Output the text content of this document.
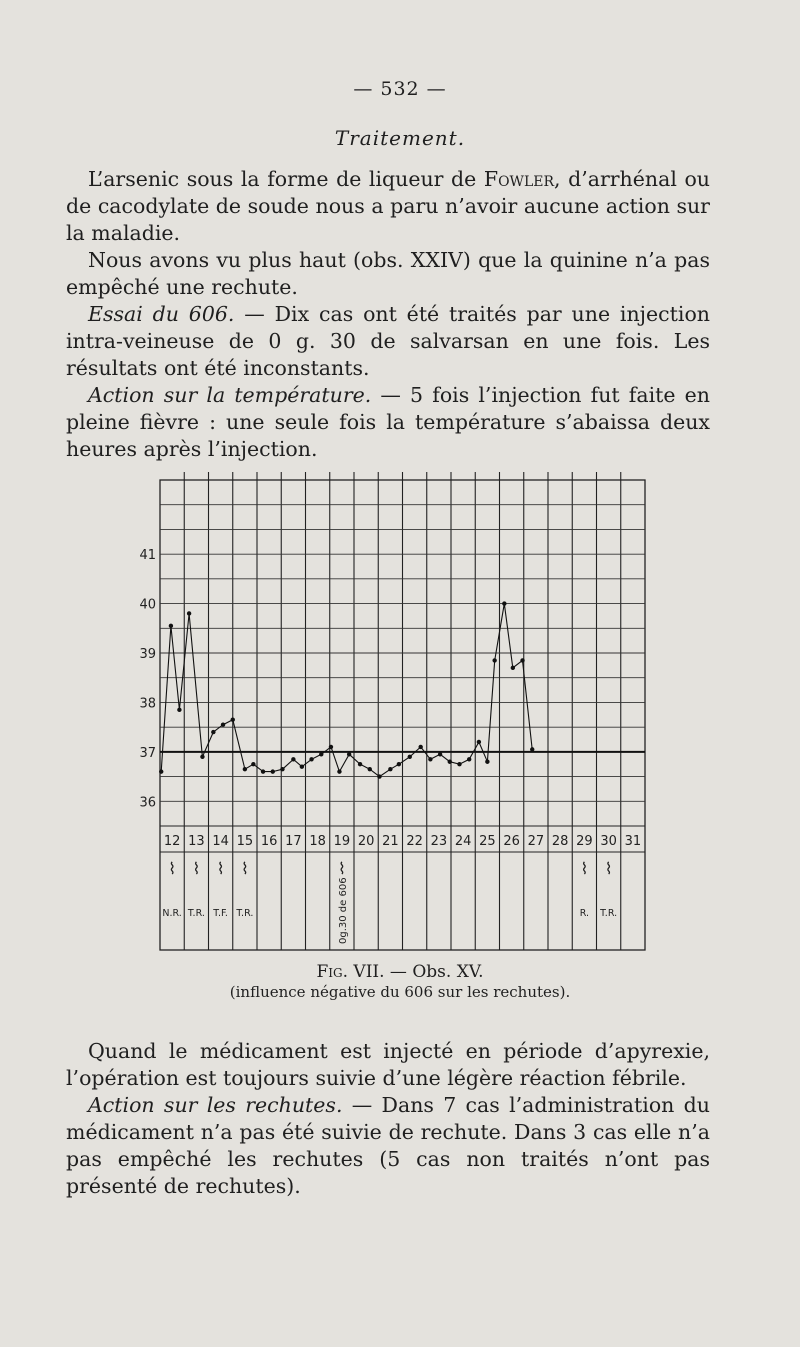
— 532 —
Traitement.

L’arsenic sous la forme de liqueur de Fowler, d’arrhénal ou de cacodylate de soude nous a paru n’avoir aucune action sur la maladie.

Nous avons vu plus haut (obs. XXIV) que la quinine n’a pas empêché une rechute.

Essai du 606. — Dix cas ont été traités par une injection intra-veineuse de 0 g. 30 de salvarsan en une fois. Les résultats ont été inconstants.

Action sur la température. — 5 fois l’injection fut faite en pleine fièvre : une seule fois la température s’abaissa deux heures après l’injection.

41
40
39
38
37
36
12 13 14 15 16 17 18 19 20 21 22 23 24 25 26 27 28 29 30 31
⌇
N.R.
⌇
T.R.
⌇
T.F.
⌇
T.R.
⌇
0g.30 de 606
⌇
R.
⌇
T.R.
Fig. VII. — Obs. XV.
(influence négative du 606 sur les rechutes).

Quand le médicament est injecté en période d’apyrexie, l’opération est toujours suivie d’une légère réaction fébrile.

Action sur les rechutes. — Dans 7 cas l’administration du médicament n’a pas été suivie de rechute. Dans 3 cas elle n’a pas empêché les rechutes (5 cas non traités n’ont pas présenté de rechutes).
